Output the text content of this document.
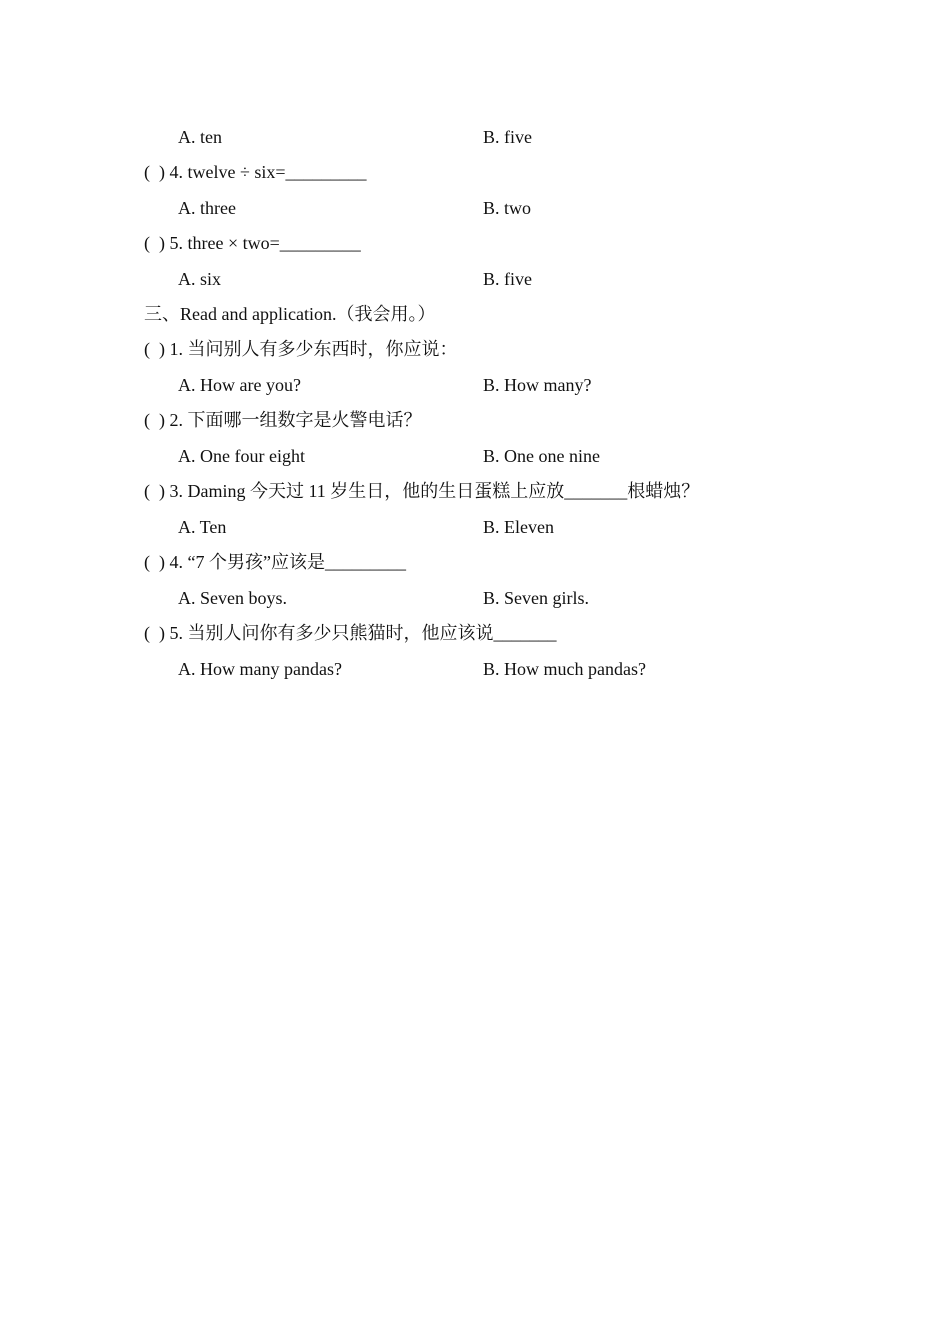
A. ten	B. five
(  ) 4. twelve ÷ six=_________
A. three	B. two
(  ) 5. three × two=_________
A. six	B. five
三、Read and application.（我会用。）
(  ) 1. 当问别人有多少东西时，你应说：
A. How are you?	B. How many?
(  ) 2. 下面哪一组数字是火警电话？
A. One four eight	B. One one nine
(  ) 3. Daming 今天过 11 岁生日，他的生日蛋糕上应放_______根蜡烛？
A. Ten	B. Eleven
(  ) 4. “7 个男孩”应该是_________
A. Seven boys.	B. Seven girls.
(  ) 5. 当别人问你有多少只熊猫时，他应该说_______
A. How many pandas?	B. How much pandas?
